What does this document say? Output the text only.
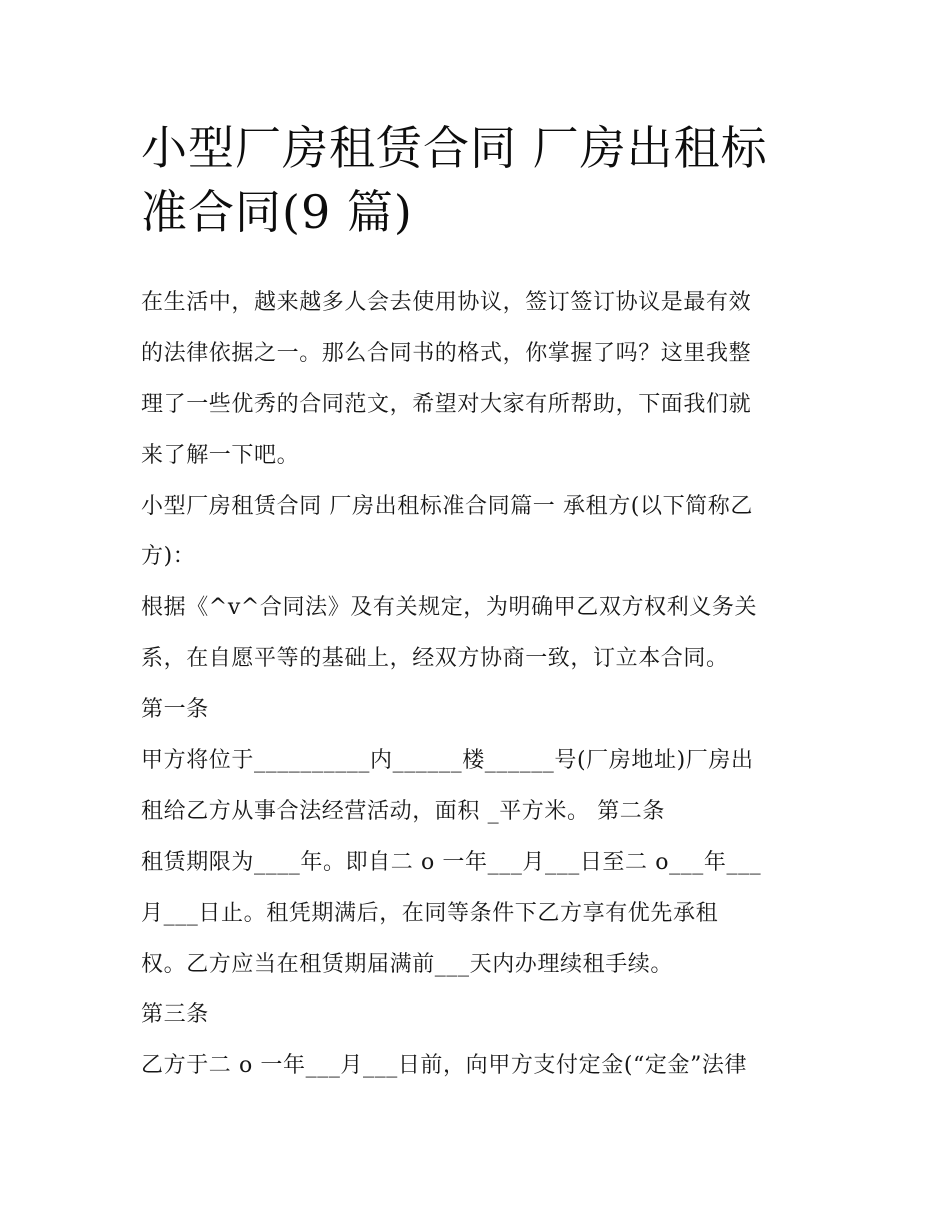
小型厂房租赁合同 厂房出租标
准合同(9 篇)
在生活中，越来越多人会去使用协议，签订签订协议是最有效
的法律依据之一。那么合同书的格式，你掌握了吗？这里我整
理了一些优秀的合同范文，希望对大家有所帮助，下面我们就
来了解一下吧。
小型厂房租赁合同 厂房出租标准合同篇一 承租方(以下简称乙
方)：
根据《^v^合同法》及有关规定，为明确甲乙双方权利义务关
系，在自愿平等的基础上，经双方协商一致，订立本合同。
第一条
甲方将位于__________内______楼______号(厂房地址)厂房出
租给乙方从事合法经营活动，面积 _平方米。 第二条
租赁期限为____年。即自二 o 一年___月___日至二 o___年___
月___日止。租凭期满后，在同等条件下乙方享有优先承租
权。乙方应当在租赁期届满前___天内办理续租手续。
第三条
乙方于二 o 一年___月___日前，向甲方支付定金(“定金”法律
